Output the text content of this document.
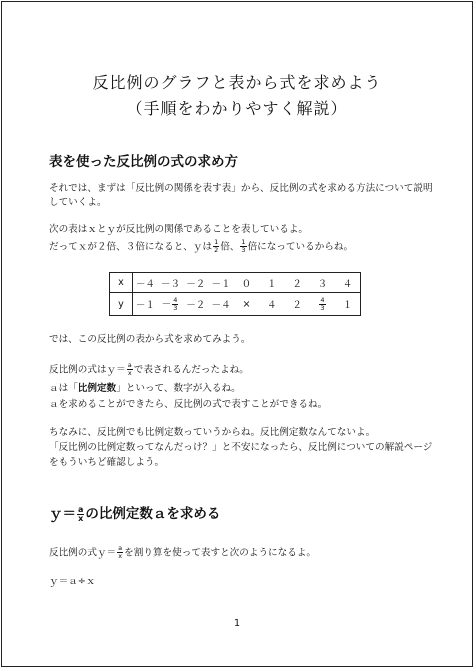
反比例のグラフと表から式を求めよう
（手順をわかりやすく解説）
表を使った反比例の式の求め方
それでは、まずは「反比例の関係を表す表」から、反比例の式を求める方法について説明
していくよ。
次の表はｘとｙが反比例の関係であることを表しているよ。
だってｘが２倍、３倍になると、ｙは $\frac{1}{2}$ 倍、 $\frac{1}{3}$ 倍になっているからね。
x	－４	－３	－２	－１	０	１	２	３	４
y	－１	－ $\frac{4}{3}$	－２	－４	×	４	２	$\frac{4}{3}$	１
では、この反比例の表から式を求めてみよう。
反比例の式はｙ＝ $\frac{a}{x}$ で表されるんだったよね。
ａは「比例定数」といって、数字が入るね。
ａを求めることができたら、反比例の式で表すことができるね。
ちなみに、反比例でも比例定数っていうからね。反比例定数なんてないよ。
「反比例の比例定数ってなんだっけ？」と不安になったら、反比例についての解説ページ
をもういちど確認しよう。
ｙ＝ $\frac{a}{x}$ の比例定数ａを求める
反比例の式ｙ＝ $\frac{a}{x}$ を割り算を使って表すと次のようになるよ。
ｙ＝ａ÷ｘ
1
